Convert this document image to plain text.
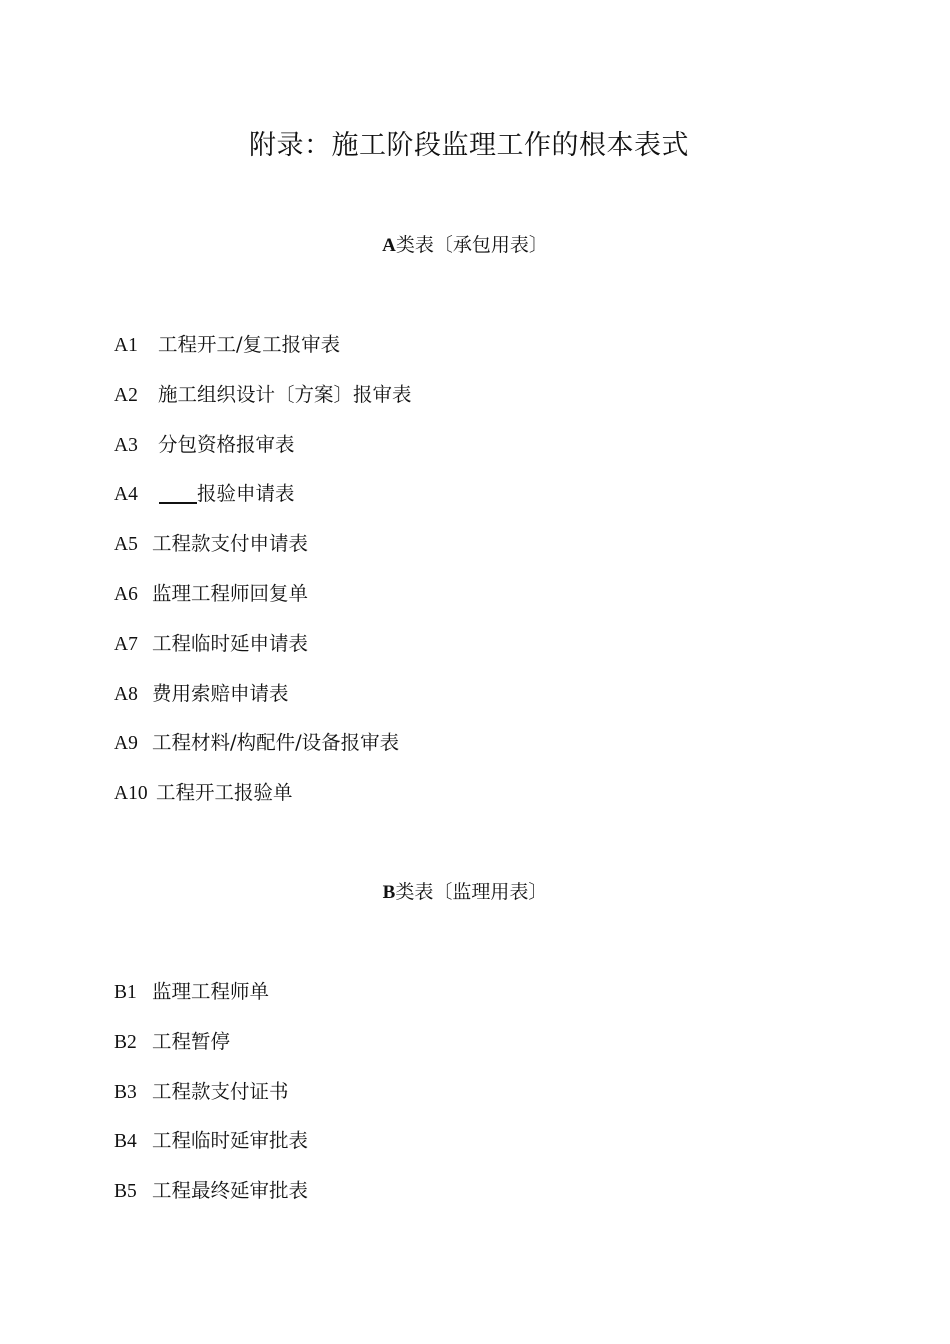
附录：施工阶段监理工作的根本表式
A类表〔承包用表〕
A1 工程开工/复工报审表
A2 施工组织设计〔方案〕报审表
A3 分包资格报审表
A4	报验申请表
A5 工程款支付申请表
A6 监理工程师回复单
A7 工程临时延申请表
A8 费用索赔申请表
A9 工程材料/构配件/设备报审表
A10 工程开工报验单
B类表〔监理用表〕
B1 监理工程师单
B2 工程暂停
B3 工程款支付证书
B4 工程临时延审批表
B5 工程最终延审批表
